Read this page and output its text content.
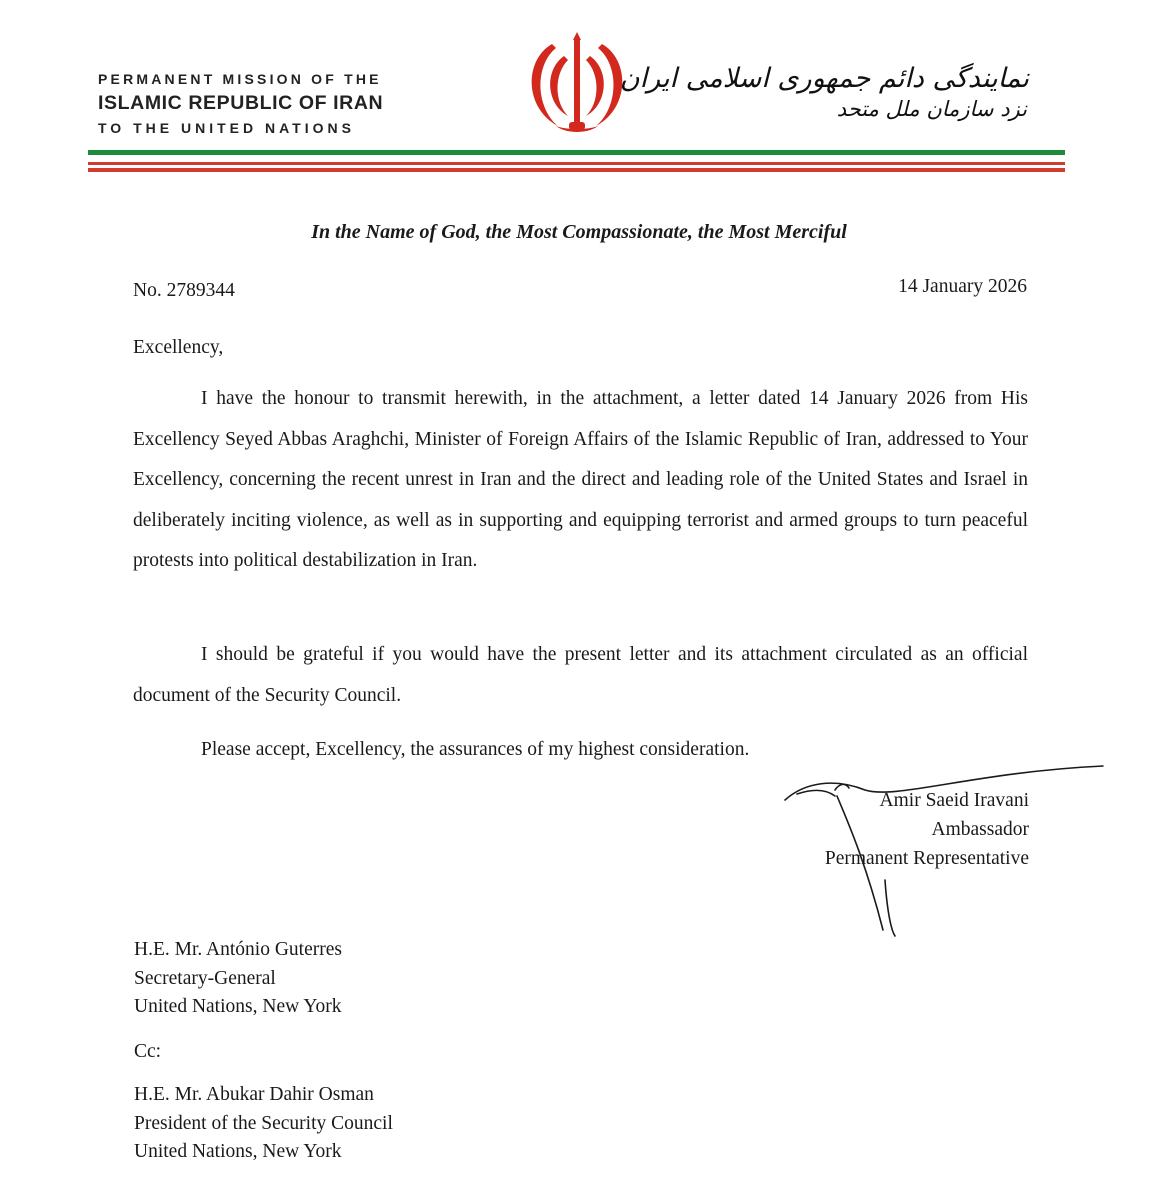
PERMANENT MISSION OF THE
ISLAMIC REPUBLIC OF IRAN
TO THE UNITED NATIONS
نمایندگی دائم جمهوری اسلامی ایران
نزد سازمان ملل متحد
In the Name of God, the Most Compassionate, the Most Merciful
No. 2789344	14 January 2026
Excellency,
I have the honour to transmit herewith, in the attachment, a letter dated 14 January 2026 from His Excellency Seyed Abbas Araghchi, Minister of Foreign Affairs of the Islamic Republic of Iran, addressed to Your Excellency, concerning the recent unrest in Iran and the direct and leading role of the United States and Israel in deliberately inciting violence, as well as in supporting and equipping terrorist and armed groups to turn peaceful protests into political destabilization in Iran.
I should be grateful if you would have the present letter and its attachment circulated as an official document of the Security Council.
Please accept, Excellency, the assurances of my highest consideration.
Amir Saeid Iravani
Ambassador
Permanent Representative
H.E. Mr. António Guterres
Secretary-General
United Nations, New York
Cc:
H.E. Mr. Abukar Dahir Osman
President of the Security Council
United Nations, New York
